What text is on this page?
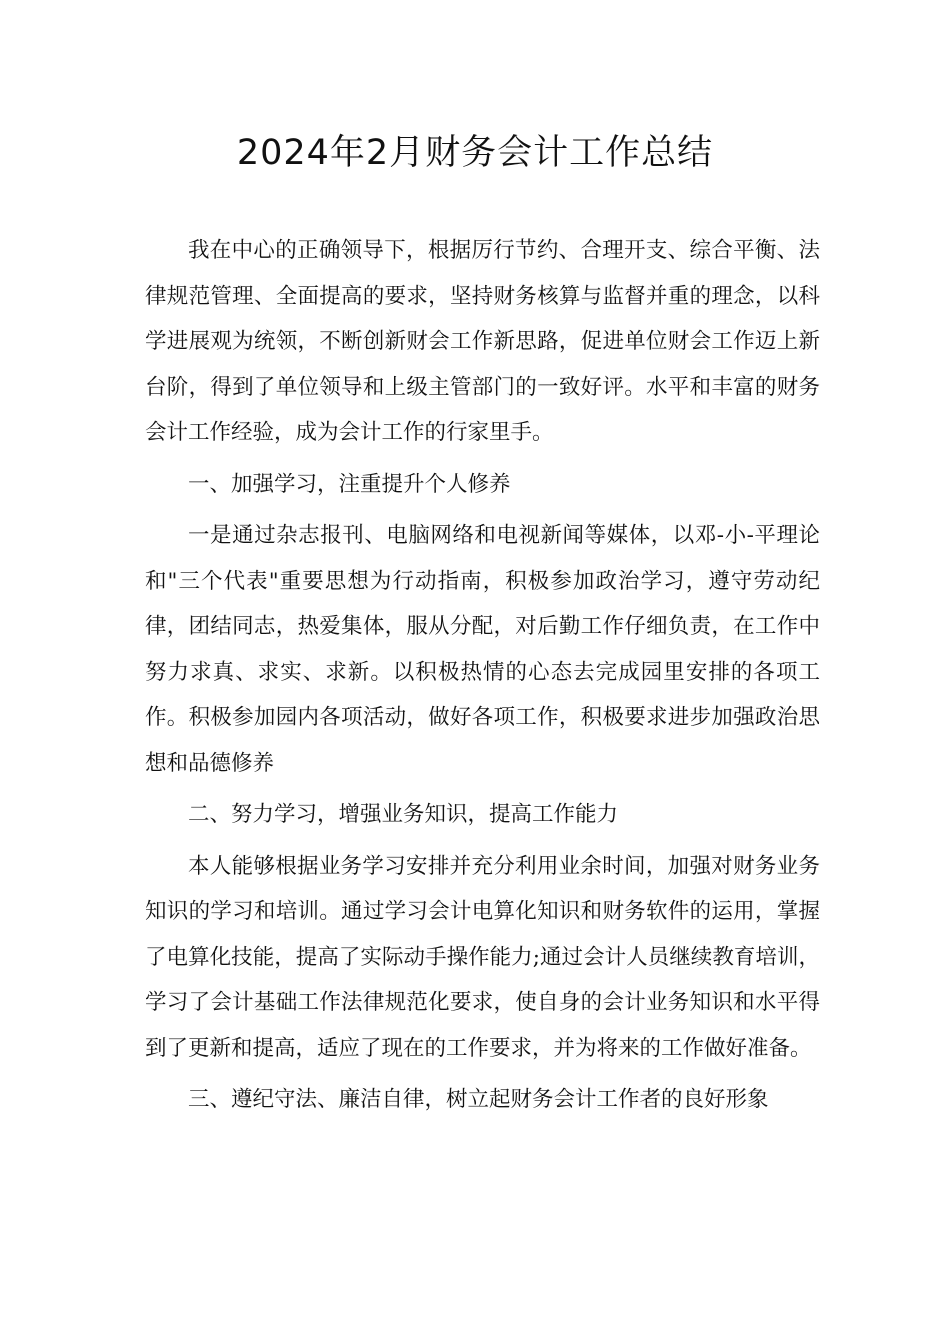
2024年2月财务会计工作总结

我在中心的正确领导下，根据厉行节约、合理开支、综合平衡、法律规范管理、全面提高的要求，坚持财务核算与监督并重的理念，以科学进展观为统领，不断创新财会工作新思路，促进单位财会工作迈上新台阶，得到了单位领导和上级主管部门的一致好评。水平和丰富的财务会计工作经验，成为会计工作的行家里手。

一、加强学习，注重提升个人修养

一是通过杂志报刊、电脑网络和电视新闻等媒体，以邓-小-平理论和"三个代表"重要思想为行动指南，积极参加政治学习，遵守劳动纪律，团结同志，热爱集体，服从分配，对后勤工作仔细负责，在工作中努力求真、求实、求新。以积极热情的心态去完成园里安排的各项工作。积极参加园内各项活动，做好各项工作，积极要求进步加强政治思想和品德修养

二、努力学习，增强业务知识，提高工作能力

本人能够根据业务学习安排并充分利用业余时间，加强对财务业务知识的学习和培训。通过学习会计电算化知识和财务软件的运用，掌握了电算化技能，提高了实际动手操作能力;通过会计人员继续教育培训，学习了会计基础工作法律规范化要求，使自身的会计业务知识和水平得到了更新和提高，适应了现在的工作要求，并为将来的工作做好准备。

三、遵纪守法、廉洁自律，树立起财务会计工作者的良好形象
